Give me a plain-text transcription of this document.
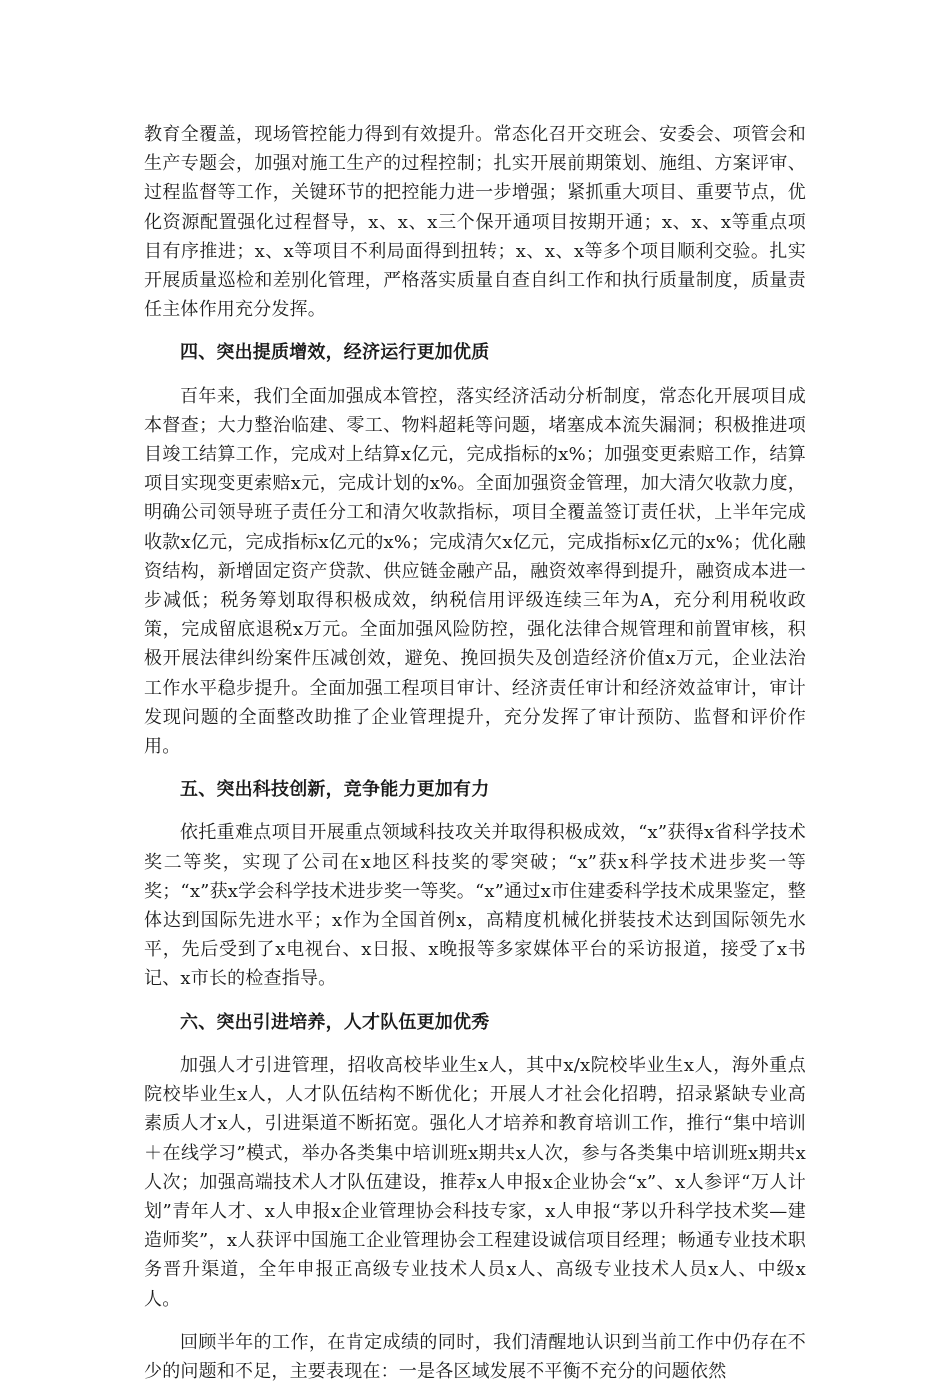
教育全覆盖，现场管控能力得到有效提升。常态化召开交班会、安委会、项管会和生产专题会，加强对施工生产的过程控制；扎实开展前期策划、施组、方案评审、过程监督等工作，关键环节的把控能力进一步增强；紧抓重大项目、重要节点，优化资源配置强化过程督导，x、x、x三个保开通项目按期开通；x、x、x等重点项目有序推进；x、x等项目不利局面得到扭转；x、x、x等多个项目顺利交验。扎实开展质量巡检和差别化管理，严格落实质量自查自纠工作和执行质量制度，质量责任主体作用充分发挥。

四、突出提质增效，经济运行更加优质

百年来，我们全面加强成本管控，落实经济活动分析制度，常态化开展项目成本督查；大力整治临建、零工、物料超耗等问题，堵塞成本流失漏洞；积极推进项目竣工结算工作，完成对上结算x亿元，完成指标的x%；加强变更索赔工作，结算项目实现变更索赔x元，完成计划的x%。全面加强资金管理，加大清欠收款力度，明确公司领导班子责任分工和清欠收款指标，项目全覆盖签订责任状，上半年完成收款x亿元，完成指标x亿元的x%；完成清欠x亿元，完成指标x亿元的x%；优化融资结构，新增固定资产贷款、供应链金融产品，融资效率得到提升，融资成本进一步减低；税务筹划取得积极成效，纳税信用评级连续三年为A，充分利用税收政策，完成留底退税x万元。全面加强风险防控，强化法律合规管理和前置审核，积极开展法律纠纷案件压减创效，避免、挽回损失及创造经济价值x万元，企业法治工作水平稳步提升。全面加强工程项目审计、经济责任审计和经济效益审计，审计发现问题的全面整改助推了企业管理提升，充分发挥了审计预防、监督和评价作用。

五、突出科技创新，竞争能力更加有力

依托重难点项目开展重点领域科技攻关并取得积极成效，“x”获得x省科学技术奖二等奖，实现了公司在x地区科技奖的零突破；“x”获x科学技术进步奖一等奖；“x”获x学会科学技术进步奖一等奖。“x”通过x市住建委科学技术成果鉴定，整体达到国际先进水平；x作为全国首例x，高精度机械化拼装技术达到国际领先水平，先后受到了x电视台、x日报、x晚报等多家媒体平台的采访报道，接受了x书记、x市长的检查指导。

六、突出引进培养，人才队伍更加优秀

加强人才引进管理，招收高校毕业生x人，其中x/x院校毕业生x人，海外重点院校毕业生x人，人才队伍结构不断优化；开展人才社会化招聘，招录紧缺专业高素质人才x人，引进渠道不断拓宽。强化人才培养和教育培训工作，推行“集中培训＋在线学习”模式，举办各类集中培训班x期共x人次，参与各类集中培训班x期共x人次；加强高端技术人才队伍建设，推荐x人申报x企业协会“x”、x人参评“万人计划”青年人才、x人申报x企业管理协会科技专家，x人申报“茅以升科学技术奖—建造师奖”，x人获评中国施工企业管理协会工程建设诚信项目经理；畅通专业技术职务晋升渠道，全年申报正高级专业技术人员x人、高级专业技术人员x人、中级x人。

回顾半年的工作，在肯定成绩的同时，我们清醒地认识到当前工作中仍存在不少的问题和不足，主要表现在：一是各区域发展不平衡不充分的问题依然
